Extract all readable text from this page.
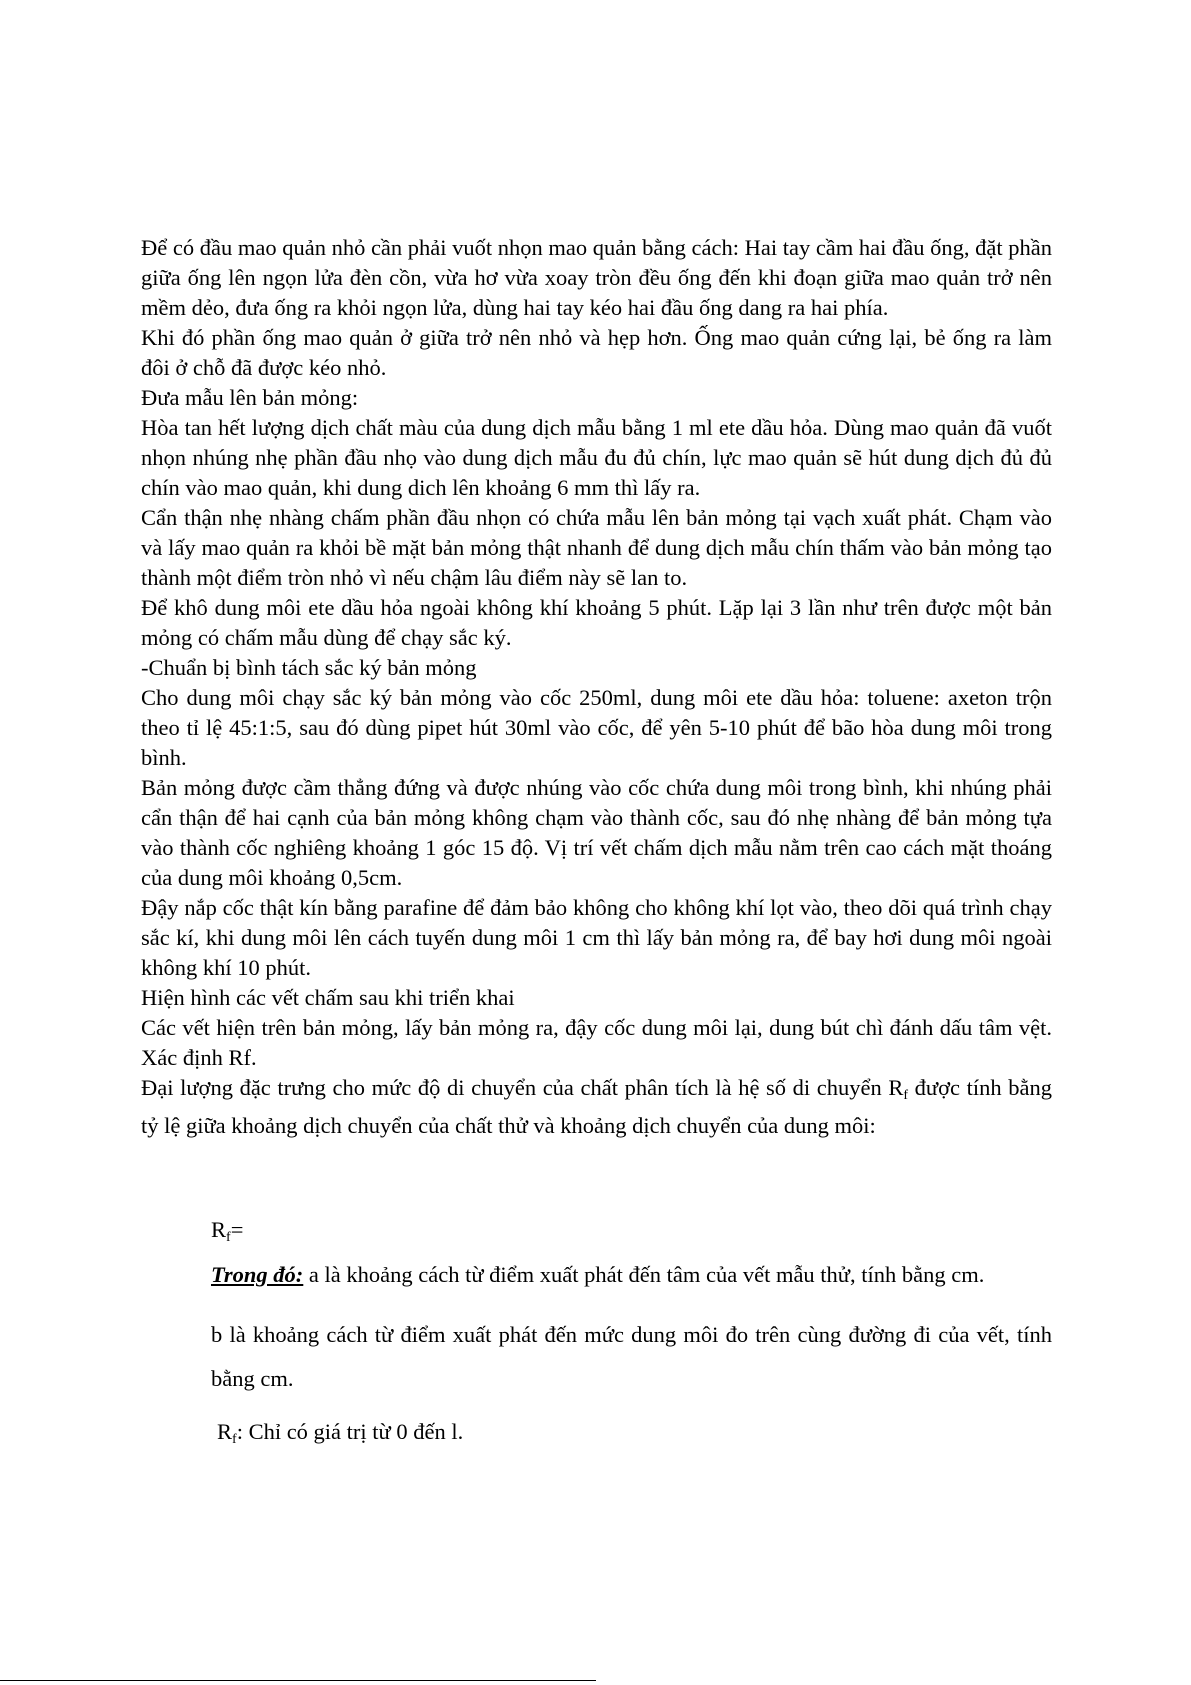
Để có đầu mao quản nhỏ cần phải vuốt nhọn mao quản bằng cách: Hai tay cầm hai đầu ống, đặt phần giữa ống lên ngọn lửa đèn cồn, vừa hơ vừa xoay tròn đều ống đến khi đoạn giữa mao quản trở nên mềm dẻo, đưa ống ra khỏi ngọn lửa, dùng hai tay kéo hai đầu ống dang ra hai phía.

Khi đó phần ống mao quản ở giữa trở nên nhỏ và hẹp hơn. Ống mao quản cứng lại, bẻ ống ra làm đôi ở chỗ đã được kéo nhỏ.

Đưa mẫu lên bản mỏng:

Hòa tan hết lượng dịch chất màu của dung dịch mẫu bằng 1 ml ete dầu hỏa. Dùng mao quản đã vuốt nhọn nhúng nhẹ phần đầu nhọ vào dung dịch mẫu đu đủ chín, lực mao quản sẽ hút dung dịch đủ đủ chín vào mao quản, khi dung dich lên khoảng 6 mm thì lấy ra.

Cẩn thận nhẹ nhàng chấm phần đầu nhọn có chứa mẫu lên bản mỏng tại vạch xuất phát. Chạm vào và lấy mao quản ra khỏi bề mặt bản mỏng thật nhanh để dung dịch mẫu chín thấm vào bản mỏng tạo thành một điểm tròn nhỏ vì nếu chậm lâu điểm này sẽ lan to.

Để khô dung môi ete dầu hỏa ngoài không khí khoảng 5 phút. Lặp lại 3 lần như trên được một bản mỏng có chấm mẫu dùng để chạy sắc ký.

-Chuẩn bị bình tách sắc ký bản mỏng

Cho dung môi chạy sắc ký bản mỏng vào cốc 250ml, dung môi ete dầu hỏa: toluene: axeton trộn theo tỉ lệ 45:1:5, sau đó dùng pipet hút 30ml vào cốc, để yên 5-10 phút để bão hòa dung môi trong bình.

Bản mỏng được cầm thẳng đứng và được nhúng vào cốc chứa dung môi trong bình, khi nhúng phải cẩn thận để hai cạnh của bản mỏng không chạm vào thành cốc, sau đó nhẹ nhàng để bản mỏng tựa vào thành cốc nghiêng khoảng 1 góc 15 độ. Vị trí vết chấm dịch mẫu nằm trên cao cách mặt thoáng của dung môi khoảng 0,5cm.

Đậy nắp cốc thật kín bằng parafine để đảm bảo không cho không khí lọt vào, theo dõi quá trình chạy sắc kí, khi dung môi lên cách tuyến dung môi 1 cm thì lấy bản mỏng ra, để bay hơi dung môi ngoài không khí 10 phút.

Hiện hình các vết chấm sau khi triển khai

Các vết hiện trên bản mỏng, lấy bản mỏng ra, đậy cốc dung môi lại, dung bút chì đánh dấu tâm vệt. Xác định Rf.

Đại lượng đặc trưng cho mức độ di chuyển của chất phân tích là hệ số di chuyển $R_f$ được tính bằng tỷ lệ giữa khoảng dịch chuyển của chất thử và khoảng dịch chuyển của dung môi:

$R_f=$

Trong đó: a là khoảng cách từ điểm xuất phát đến tâm của vết mẫu thử, tính bằng cm.

b là khoảng cách từ điểm xuất phát đến mức dung môi đo trên cùng đường đi của vết, tính bằng cm.

$R_f$: Chỉ có giá trị từ 0 đến l.
